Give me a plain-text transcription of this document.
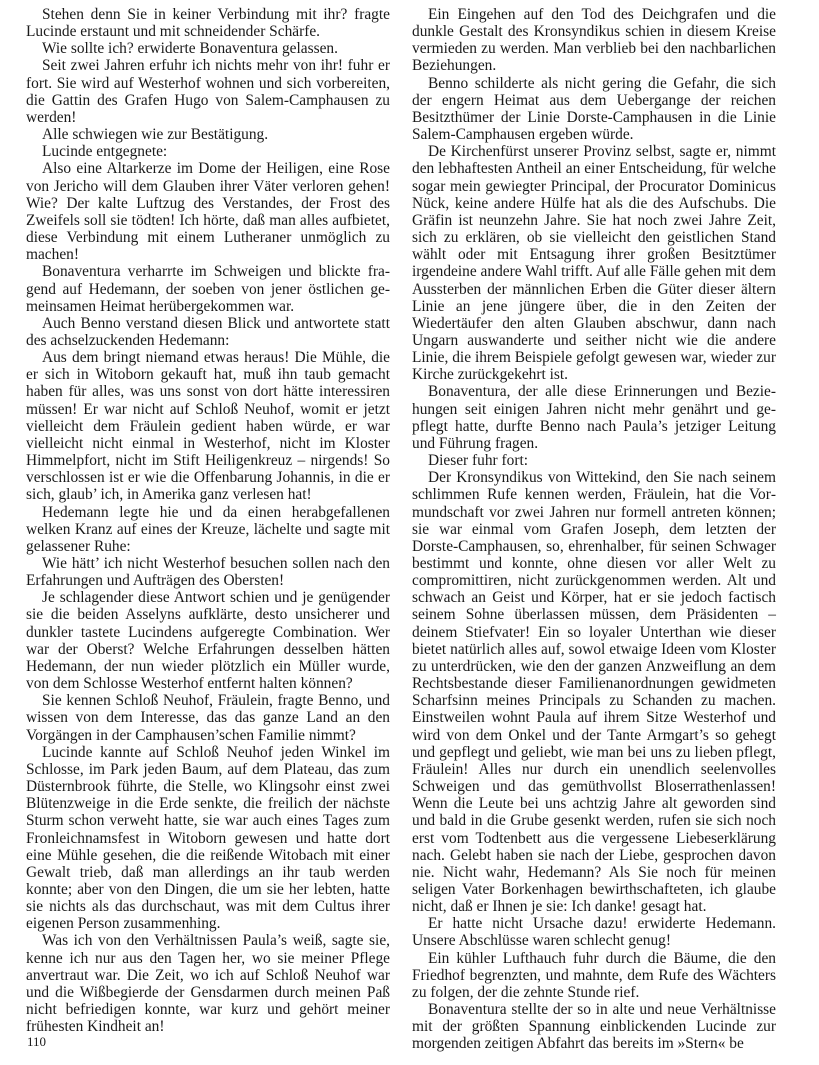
Stehen denn Sie in keiner Verbindung mit ihr? fragte Lucinde erstaunt und mit schneidender Schärfe.

Wie sollte ich? erwiderte Bonaventura gelassen.

Seit zwei Jahren erfuhr ich nichts mehr von ihr! fuhr er fort. Sie wird auf Westerhof wohnen und sich vorbereiten, die Gattin des Grafen Hugo von Salem-Camphausen zu werden!

Alle schwiegen wie zur Bestätigung.

Lucinde entgegnete:

Also eine Altarkerze im Dome der Heiligen, eine Rose von Jericho will dem Glauben ihrer Väter verloren gehen! Wie? Der kalte Luftzug des Verstandes, der Frost des Zweifels soll sie tödten! Ich hörte, daß man alles aufbietet, diese Verbindung mit einem Lutheraner unmöglich zu machen!

Bonaventura verharrte im Schweigen und blickte fragend auf Hedemann, der soeben von jener östlichen gemeinsamen Heimat herübergekommen war.

Auch Benno verstand diesen Blick und antwortete statt des achselzuckenden Hedemann:

Aus dem bringt niemand etwas heraus! Die Mühle, die er sich in Witoborn gekauft hat, muß ihn taub gemacht haben für alles, was uns sonst von dort hätte interessiren müssen! Er war nicht auf Schloß Neuhof, womit er jetzt vielleicht dem Fräulein gedient haben würde, er war vielleicht nicht einmal in Westerhof, nicht im Kloster Himmelpfort, nicht im Stift Heiligenkreuz – nirgends! So verschlossen ist er wie die Offenbarung Johannis, in die er sich, glaub’ ich, in Amerika ganz verlesen hat!

Hedemann legte hie und da einen herabgefallenen welken Kranz auf eines der Kreuze, lächelte und sagte mit gelassener Ruhe:

Wie hätt’ ich nicht Westerhof besuchen sollen nach den Erfahrungen und Aufträgen des Obersten!

Je schlagender diese Antwort schien und je genügender sie die beiden Asselyns aufklärte, desto unsicherer und dunkler tastete Lucindens aufgeregte Combination. Wer war der Oberst? Welche Erfahrungen desselben hätten Hedemann, der nun wieder plötzlich ein Müller wurde, von dem Schlosse Westerhof entfernt halten können?

Sie kennen Schloß Neuhof, Fräulein, fragte Benno, und wissen von dem Interesse, das das ganze Land an den Vorgängen in der Camphausen’schen Familie nimmt?

Lucinde kannte auf Schloß Neuhof jeden Winkel im Schlosse, im Park jeden Baum, auf dem Plateau, das zum Düsternbrook führte, die Stelle, wo Klingsohr einst zwei Blütenzweige in die Erde senkte, die freilich der nächste Sturm schon verweht hatte, sie war auch eines Tages zum Fronleichnamsfest in Witoborn gewesen und hatte dort eine Mühle gesehen, die die reißende Witobach mit einer Gewalt trieb, daß man allerdings an ihr taub werden konnte; aber von den Dingen, die um sie her lebten, hatte sie nichts als das durchschaut, was mit dem Cultus ihrer eigenen Person zusammenhing.

Was ich von den Verhältnissen Paula’s weiß, sagte sie, kenne ich nur aus den Tagen her, wo sie meiner Pflege anvertraut war. Die Zeit, wo ich auf Schloß Neuhof war und die Wißbegierde der Gensdarmen durch meinen Paß nicht befriedigen konnte, war kurz und gehört meiner frühesten Kindheit an!

Ein Eingehen auf den Tod des Deichgrafen und die dunkle Gestalt des Kronsyndikus schien in diesem Kreise vermieden zu werden. Man verblieb bei den nachbarlichen Beziehungen.

Benno schilderte als nicht gering die Gefahr, die sich der engern Heimat aus dem Uebergange der reichen Besitzthümer der Linie Dorste-Camphausen in die Linie Salem-Camphausen ergeben würde.

De Kirchenfürst unserer Provinz selbst, sagte er, nimmt den lebhaftesten Antheil an einer Entscheidung, für welche sogar mein gewiegter Principal, der Procurator Dominicus Nück, keine andere Hülfe hat als die des Aufschubs. Die Gräfin ist neunzehn Jahre. Sie hat noch zwei Jahre Zeit, sich zu erklären, ob sie vielleicht den geistlichen Stand wählt oder mit Entsagung ihrer großen Besitztümer irgendeine andere Wahl trifft. Auf alle Fälle gehen mit dem Aussterben der männlichen Erben die Güter dieser ältern Linie an jene jüngere über, die in den Zeiten der Wiedertäufer den alten Glauben abschwur, dann nach Ungarn auswanderte und seither nicht wie die andere Linie, die ihrem Beispiele gefolgt gewesen war, wieder zur Kirche zurückgekehrt ist.

Bonaventura, der alle diese Erinnerungen und Beziehungen seit einigen Jahren nicht mehr genährt und gepflegt hatte, durfte Benno nach Paula’s jetziger Leitung und Führung fragen.

Dieser fuhr fort:

Der Kronsyndikus von Wittekind, den Sie nach seinem schlimmen Rufe kennen werden, Fräulein, hat die Vormundschaft vor zwei Jahren nur formell antreten können; sie war einmal vom Grafen Joseph, dem letzten der Dorste-Camphausen, so, ehrenhalber, für seinen Schwager bestimmt und konnte, ohne diesen vor aller Welt zu compromittiren, nicht zurückgenommen werden. Alt und schwach an Geist und Körper, hat er sie jedoch factisch seinem Sohne überlassen müssen, dem Präsidenten – deinem Stiefvater! Ein so loyaler Unterthan wie dieser bietet natürlich alles auf, sowol etwaige Ideen vom Kloster zu unterdrücken, wie den der ganzen Anzweiflung an dem Rechtsbestande dieser Familienanordnungen gewidmeten Scharfsinn meines Principals zu Schanden zu machen. Einstweilen wohnt Paula auf ihrem Sitze Westerhof und wird von dem Onkel und der Tante Armgart’s so gehegt und gepflegt und geliebt, wie man bei uns zu lieben pflegt, Fräulein! Alles nur durch ein unendlich seelenvolles Schweigen und das gemüthvollst Bloserrathenlassen! Wenn die Leute bei uns achtzig Jahre alt geworden sind und bald in die Grube gesenkt werden, rufen sie sich noch erst vom Todtenbett aus die vergessene Liebeserklärung nach. Gelebt haben sie nach der Liebe, gesprochen davon nie. Nicht wahr, Hedemann? Als Sie noch für meinen seligen Vater Borkenhagen bewirthschafteten, ich glaube nicht, daß er Ihnen je sie: Ich danke! gesagt hat.

Er hatte nicht Ursache dazu! erwiderte Hedemann. Unsere Abschlüsse waren schlecht genug!

Ein kühler Lufthauch fuhr durch die Bäume, die den Friedhof begrenzten, und mahnte, dem Rufe des Wächters zu folgen, der die zehnte Stunde rief.

Bonaventura stellte der so in alte und neue Verhältnisse mit der größten Spannung einblickenden Lucinde zur morgenden zeitigen Abfahrt das bereits im »Stern« be

110
